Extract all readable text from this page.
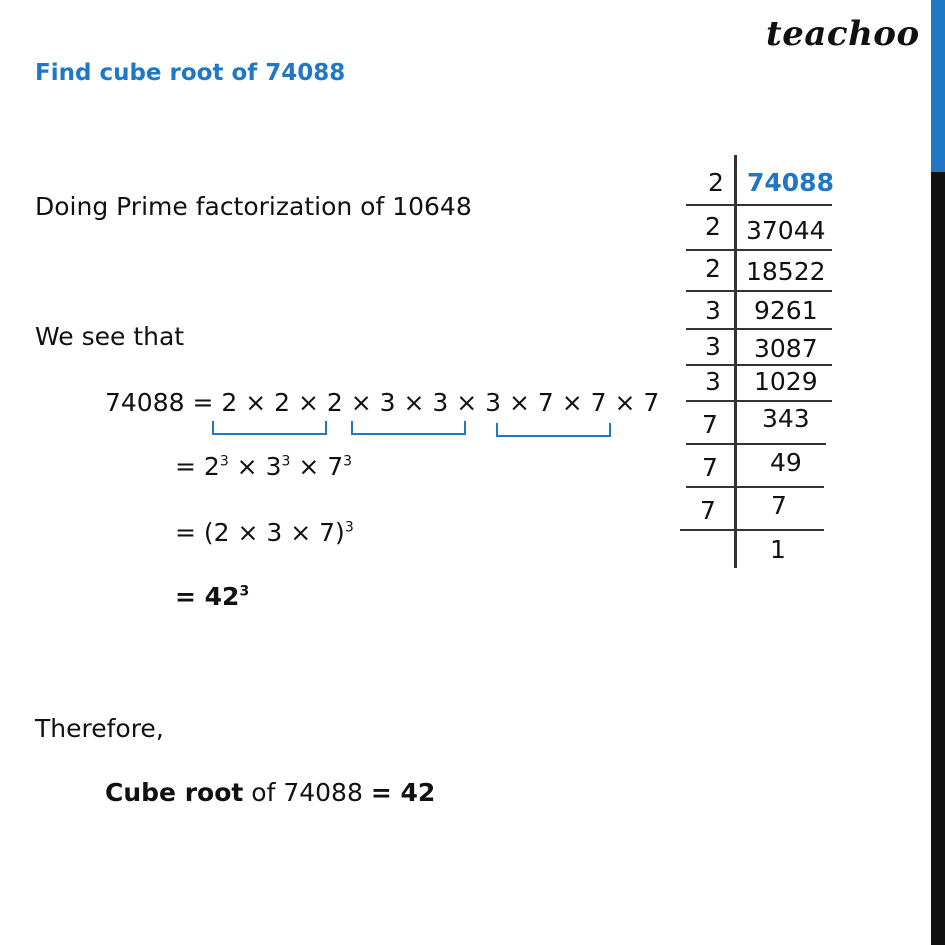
teachoo
Find cube root of 74088
Doing Prime factorization of 10648
We see that
74088 = 2 × 2 × 2 × 3 × 3 × 3 × 7 × 7 × 7
= $2^3 \times 3^3 \times 7^3$
= $(2 \times 3 \times 7)^3$
= $42^3$
Therefore,
Cube root of 74088 = 42
2
2
2
3
3
3
7
7
7
74088
37044
18522
9261
3087
1029
343
49
7
1
